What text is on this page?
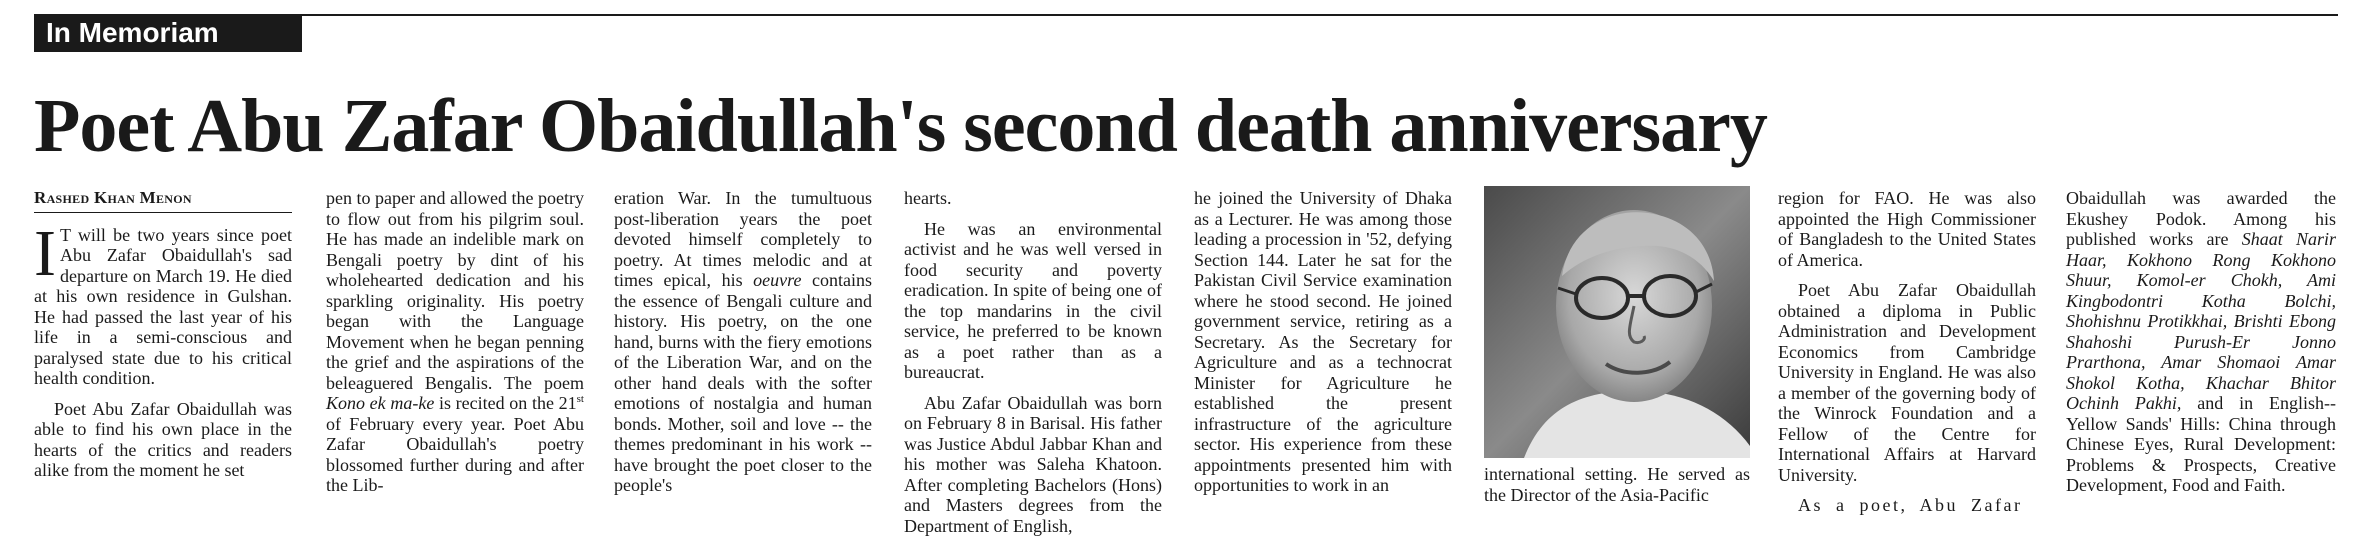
In Memoriam
Poet Abu Zafar Obaidullah's second death anniversary
Rashed Khan Menon

I T will be two years since poet Abu Zafar Obaidullah's sad departure on March 19. He died at his own residence in Gulshan. He had passed the last year of his life in a semi-conscious and paralysed state due to his critical health condition.

Poet Abu Zafar Obaidullah was able to find his own place in the hearts of the critics and readers alike from the moment he set

pen to paper and allowed the poetry to flow out from his pilgrim soul. He has made an indelible mark on Bengali poetry by dint of his wholehearted dedication and his sparkling originality. His poetry began with the Language Movement when he began penning the grief and the aspirations of the beleaguered Bengalis. The poem Kono ek ma-ke is recited on the 21st of February every year. Poet Abu Zafar Obaidullah's poetry blossomed further during and after the Lib-

eration War. In the tumultuous post-liberation years the poet devoted himself completely to poetry. At times melodic and at times epical, his oeuvre contains the essence of Bengali culture and history. His poetry, on the one hand, burns with the fiery emotions of the Liberation War, and on the other hand deals with the softer emotions of nostalgia and human bonds. Mother, soil and love -- the themes predominant in his work -- have brought the poet closer to the people's

hearts.

He was an environmental activist and he was well versed in food security and poverty eradication. In spite of being one of the top mandarins in the civil service, he preferred to be known as a poet rather than as a bureaucrat.

Abu Zafar Obaidullah was born on February 8 in Barisal. His father was Justice Abdul Jabbar Khan and his mother was Saleha Khatoon. After completing Bachelors (Hons) and Masters degrees from the Department of English,

he joined the University of Dhaka as a Lecturer. He was among those leading a procession in '52, defying Section 144. Later he sat for the Pakistan Civil Service examination where he stood second. He joined government service, retiring as a Secretary. As the Secretary for Agriculture and as a technocrat Minister for Agriculture he established the present infrastructure of the agriculture sector. His experience from these appointments presented him with opportunities to work in an

international setting. He served as the Director of the Asia-Pacific

region for FAO. He was also appointed the High Commissioner of Bangladesh to the United States of America.

Poet Abu Zafar Obaidullah obtained a diploma in Public Administration and Development Economics from Cambridge University in England. He was also a member of the governing body of the Winrock Foundation and a Fellow of the Centre for International Affairs at Harvard University.

As a poet, Abu Zafar

Obaidullah was awarded the Ekushey Podok. Among his published works are Shaat Narir Haar, Kokhono Rong Kokhono Shuur, Komol-er Chokh, Ami Kingbodontri Kotha Bolchi, Shohishnu Protikkhai, Brishti Ebong Shahoshi Purush-Er Jonno Prarthona, Amar Shomaoi Amar Shokol Kotha, Khachar Bhitor Ochinh Pakhi, and in English-- Yellow Sands' Hills: China through Chinese Eyes, Rural Development: Problems & Prospects, Creative Development, Food and Faith.
